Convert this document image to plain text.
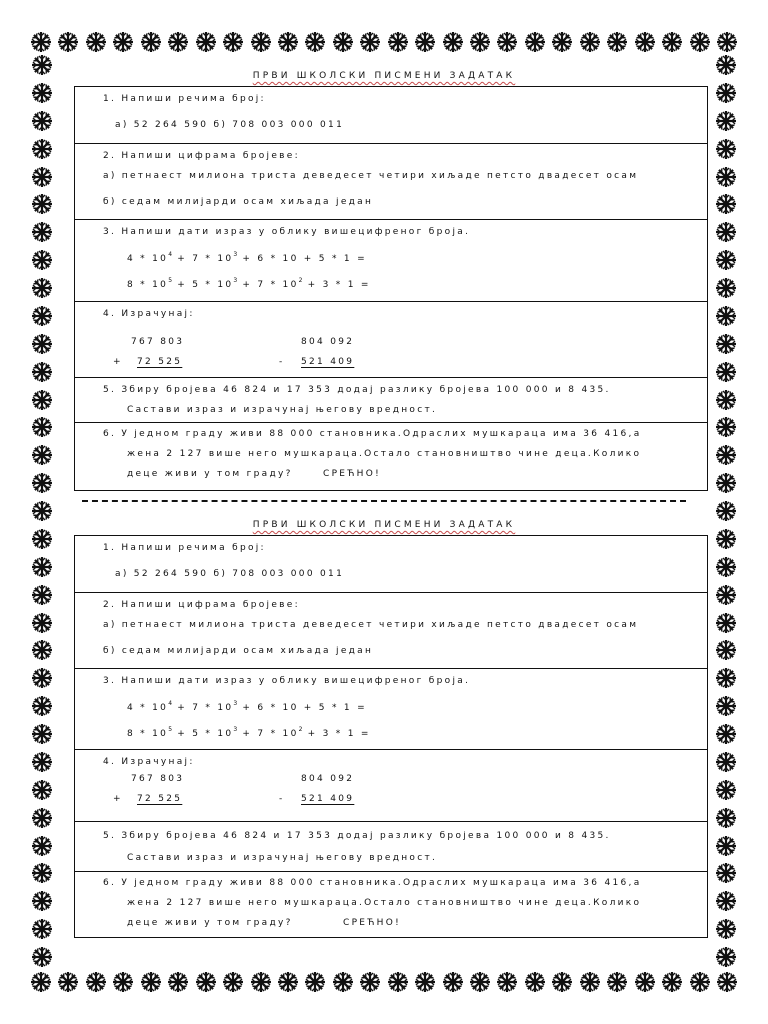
ПРВИ ШКОЛСКИ ПИСМЕНИ ЗАДАТАК
1. Напиши речима број:
а) 52 264 590 б) 708 003 000 011
2. Напиши цифрама бројеве:
а) петнаест милиона триста деведесет четири хиљаде петсто двадесет осам
б) седам милијарди осам хиљада један
3. Напиши дати израз у облику вишецифреног броја.
$4 * 10^4 + 7 * 10^3 + 6 * 10 + 5 * 1$ =
$8 * 10^5 + 5 * 10^3 + 7 * 10^2 + 3 * 1$ =
4. Израчунај:
767 803
+ 72 525
804 092
- 521 409
5. Збиру бројева 46 824 и 17 353 додај разлику бројева 100 000 и 8 435.
Састави израз и израчунај његову вредност.
6. У једном граду живи 88 000 становника.Одраслих мушкараца има 36 416,а
жена 2 127 више него мушкараца.Остало становништво чине деца.Колико
деце живи у том граду?	СРЕЋНО!
ПРВИ ШКОЛСКИ ПИСМЕНИ ЗАДАТАК
1. Напиши речима број:
а) 52 264 590 б) 708 003 000 011
2. Напиши цифрама бројеве:
а) петнаест милиона триста деведесет четири хиљаде петсто двадесет осам
б) седам милијарди осам хиљада један
3. Напиши дати израз у облику вишецифреног броја.
$4 * 10^4 + 7 * 10^3 + 6 * 10 + 5 * 1$ =
$8 * 10^5 + 5 * 10^3 + 7 * 10^2 + 3 * 1$ =
4. Израчунај:
767 803
+ 72 525
804 092
- 521 409
5. Збиру бројева 46 824 и 17 353 додај разлику бројева 100 000 и 8 435.
Састави израз и израчунај његову вредност.
6. У једном граду живи 88 000 становника.Одраслих мушкараца има 36 416,а
жена 2 127 више него мушкараца.Остало становништво чине деца.Колико
деце живи у том граду?	СРЕЋНО!
